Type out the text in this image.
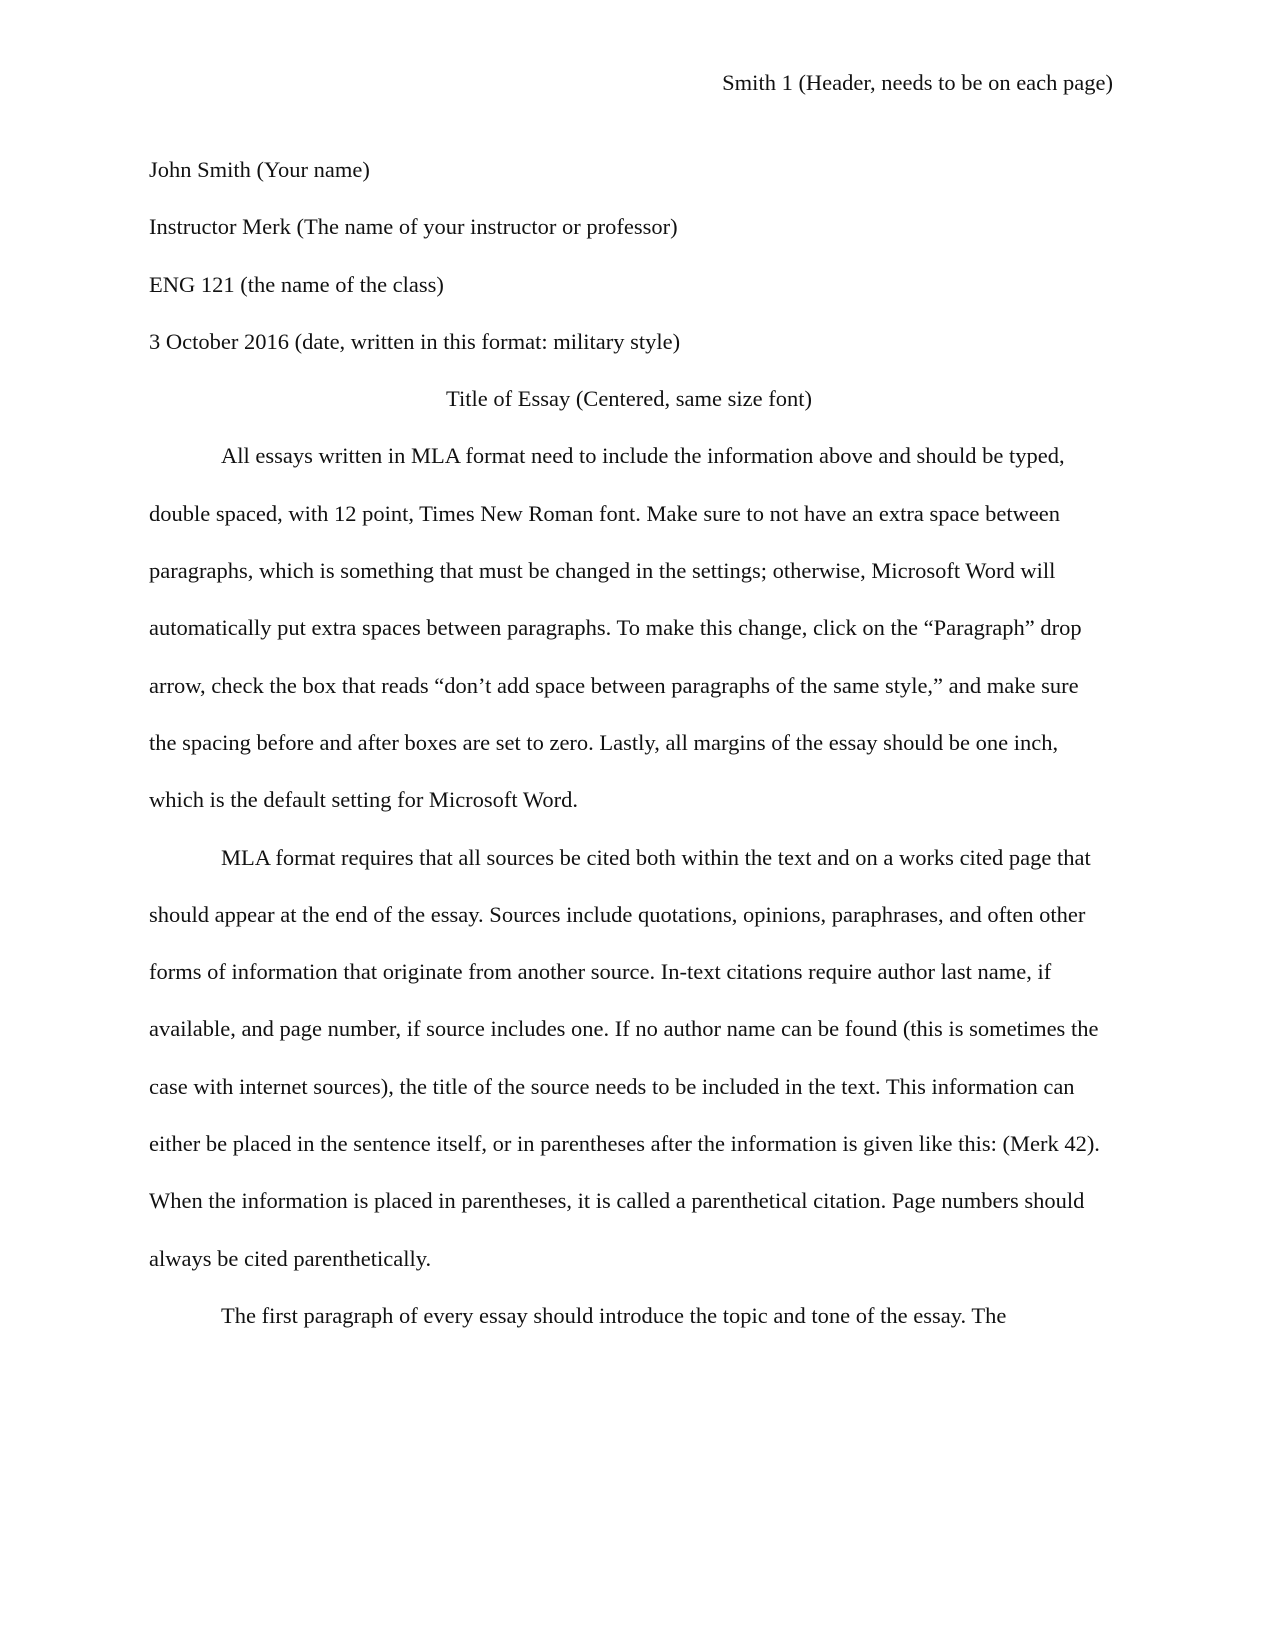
Smith 1 (Header, needs to be on each page)

John Smith (Your name)

Instructor Merk (The name of your instructor or professor)

ENG 121 (the name of the class)

3 October 2016 (date, written in this format: military style)

Title of Essay (Centered, same size font)

All essays written in MLA format need to include the information above and should be typed, double spaced, with 12 point, Times New Roman font. Make sure to not have an extra space between paragraphs, which is something that must be changed in the settings; otherwise, Microsoft Word will automatically put extra spaces between paragraphs. To make this change, click on the “Paragraph” drop arrow, check the box that reads “don’t add space between paragraphs of the same style,” and make sure the spacing before and after boxes are set to zero. Lastly, all margins of the essay should be one inch, which is the default setting for Microsoft Word.

MLA format requires that all sources be cited both within the text and on a works cited page that should appear at the end of the essay. Sources include quotations, opinions, paraphrases, and often other forms of information that originate from another source. In-text citations require author last name, if available, and page number, if source includes one. If no author name can be found (this is sometimes the case with internet sources), the title of the source needs to be included in the text. This information can either be placed in the sentence itself, or in parentheses after the information is given like this: (Merk 42). When the information is placed in parentheses, it is called a parenthetical citation. Page numbers should always be cited parenthetically.

The first paragraph of every essay should introduce the topic and tone of the essay. The
